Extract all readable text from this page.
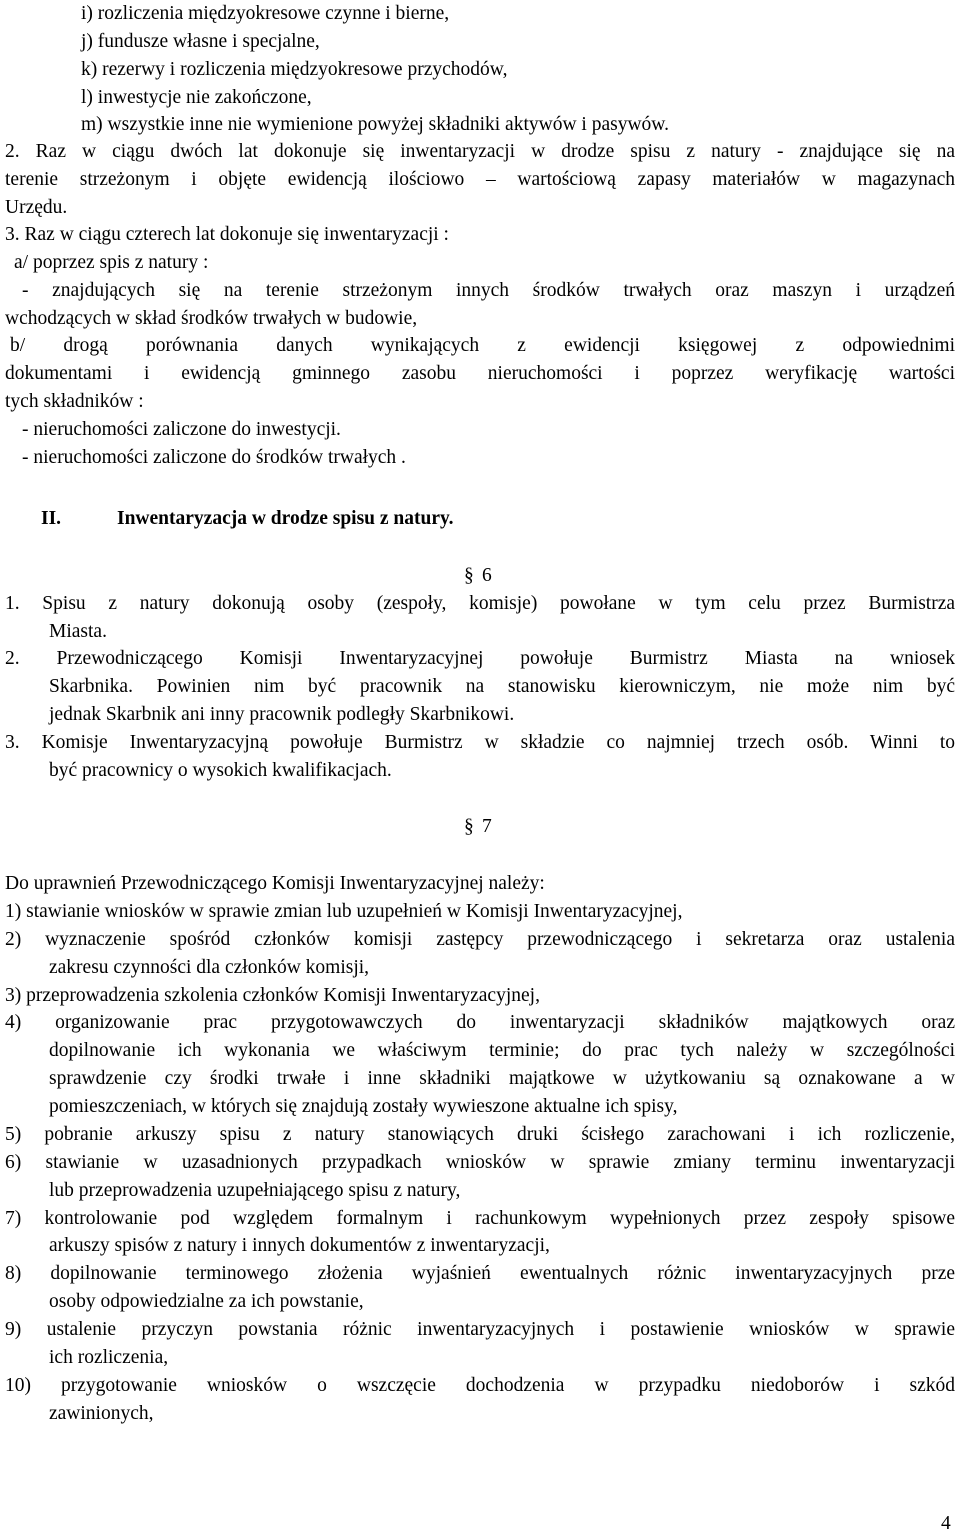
i) rozliczenia międzyokresowe czynne i bierne,
j) fundusze własne i specjalne,
k) rezerwy i rozliczenia międzyokresowe przychodów,
l) inwestycje nie zakończone,
m) wszystkie inne nie wymienione powyżej składniki aktywów i pasywów.
2. Raz w ciągu dwóch lat dokonuje się inwentaryzacji w drodze spisu z natury - znajdujące się na
terenie strzeżonym i objęte ewidencją ilościowo – wartościową zapasy materiałów w magazynach
Urzędu.
3. Raz w ciągu czterech lat dokonuje się inwentaryzacji :
a/ poprzez spis z natury :
- znajdujących się na terenie strzeżonym innych środków trwałych oraz maszyn i urządzeń
wchodzących w skład środków trwałych w budowie,
b/ drogą porównania danych wynikających z ewidencji księgowej z odpowiednimi
dokumentami i ewidencją gminnego zasobu nieruchomości i poprzez weryfikację wartości
tych składników :
- nieruchomości zaliczone do inwestycji.
- nieruchomości zaliczone do środków trwałych .
II.	Inwentaryzacja w drodze spisu z natury.
§ 6
1. Spisu z natury dokonują osoby (zespoły, komisje) powołane w tym celu przez Burmistrza
Miasta.
2. Przewodniczącego Komisji Inwentaryzacyjnej powołuje Burmistrz Miasta na wniosek
Skarbnika. Powinien nim być pracownik na stanowisku kierowniczym, nie może nim być
jednak Skarbnik ani inny pracownik podległy Skarbnikowi.
3. Komisje Inwentaryzacyjną powołuje Burmistrz w składzie co najmniej trzech osób. Winni to
być pracownicy o wysokich kwalifikacjach.
§ 7
Do uprawnień Przewodniczącego Komisji Inwentaryzacyjnej należy:
1) stawianie wniosków w sprawie zmian lub uzupełnień w Komisji Inwentaryzacyjnej,
2) wyznaczenie spośród członków komisji zastępcy przewodniczącego i sekretarza oraz ustalenia
zakresu czynności dla członków komisji,
3) przeprowadzenia szkolenia członków Komisji Inwentaryzacyjnej,
4) organizowanie prac przygotowawczych do inwentaryzacji składników majątkowych oraz
dopilnowanie ich wykonania we właściwym terminie; do prac tych należy w szczególności
sprawdzenie czy środki trwałe i inne składniki majątkowe w użytkowaniu są oznakowane a w
pomieszczeniach, w których się znajdują zostały wywieszone aktualne ich spisy,
5) pobranie arkuszy spisu z natury stanowiących druki ścisłego zarachowani i ich rozliczenie,
6) stawianie w uzasadnionych przypadkach wniosków w sprawie zmiany terminu inwentaryzacji
lub przeprowadzenia uzupełniającego spisu z natury,
7) kontrolowanie pod względem formalnym i rachunkowym wypełnionych przez zespoły spisowe
arkuszy spisów z natury i innych dokumentów z inwentaryzacji,
8) dopilnowanie terminowego złożenia wyjaśnień ewentualnych różnic inwentaryzacyjnych prze
osoby odpowiedzialne za ich powstanie,
9) ustalenie przyczyn powstania różnic inwentaryzacyjnych i postawienie wniosków w sprawie
ich rozliczenia,
10) przygotowanie wniosków o wszczęcie dochodzenia w przypadku niedoborów i szkód
zawinionych,
4
